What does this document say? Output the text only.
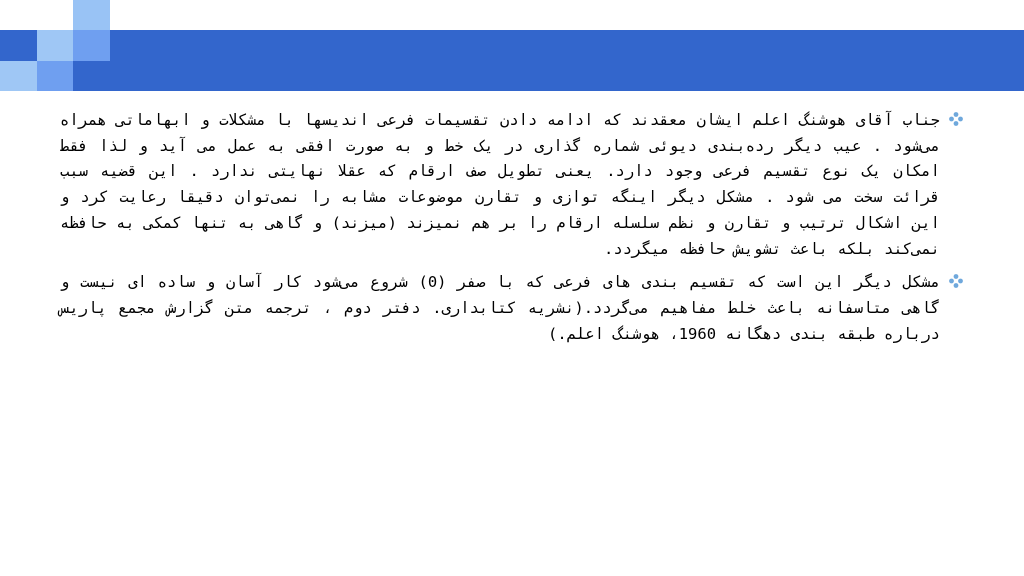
جناب آقای هوشنگ اعلم ایشان معقدند که ادامه دادن تقسیمات فرعی اندیسها با مشکلات و ابهاماتی همراه می‌شود . عیب دیگر رده‌بندی دیوئی شماره گذاری در یک خط و به صورت افقی به عمل می آید و لذا فقط امکان یک نوع تقسیم فرعی وجود دارد. یعنی تطویل صف ارقام که عقلا نهایتی ندارد . این قضیه سبب قرائت سخت می شود . مشکل دیگر اینگه توازی و تقارن موضوعات مشابه را نمی‌توان دقیقا رعایت کرد و این اشکال ترتیب و تقارن و نظم سلسله ارقام را بر هم نمیزند (میزند) و گاهی به تنها کمکی به حافظه نمی‌کند بلکه باعث تشویش حافظه میگردد.
مشکل دیگر این است که تقسیم بندی های فرعی که با صفر (0) شروع می‌شود کار آسان و ساده ای نیست و گاهی متاسفانه باعث خلط مفاهیم می‌گردد.(نشریه کتابداری. دفتر دوم ، ترجمه متن گزارش مجمع پاریس درباره طبقه بندی دهگانه 1960، هوشنگ اعلم.)
